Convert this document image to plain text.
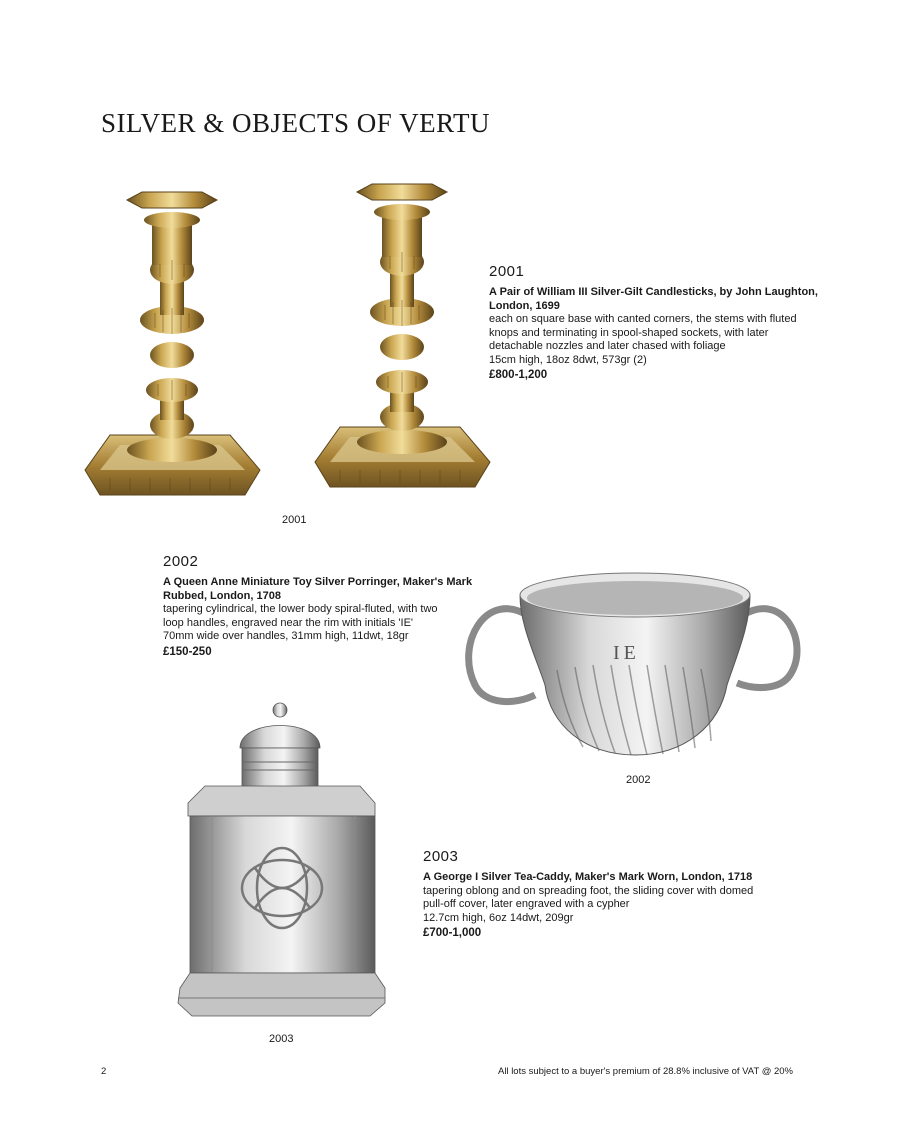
SILVER & OBJECTS OF VERTU
2001
2001
A Pair of William III Silver-Gilt Candlesticks, by John Laughton,
London, 1699
each on square base with canted corners, the stems with fluted
knops and terminating in spool-shaped sockets, with later
detachable nozzles and later chased with foliage
15cm high, 18oz 8dwt, 573gr (2)
£800-1,200
2002
A Queen Anne Miniature Toy Silver Porringer, Maker's Mark
Rubbed, London, 1708
tapering cylindrical, the lower body spiral-fluted, with two
loop handles, engraved near the rim with initials 'IE'
70mm wide over handles, 31mm high, 11dwt, 18gr
£150-250	IE
2002
2003
2003
A George I Silver Tea-Caddy, Maker's Mark Worn, London, 1718
tapering oblong and on spreading foot, the sliding cover with domed
pull-off cover, later engraved with a cypher
12.7cm high, 6oz 14dwt, 209gr
£700-1,000
2	All lots subject to a buyer's premium of 28.8% inclusive of VAT @ 20%
